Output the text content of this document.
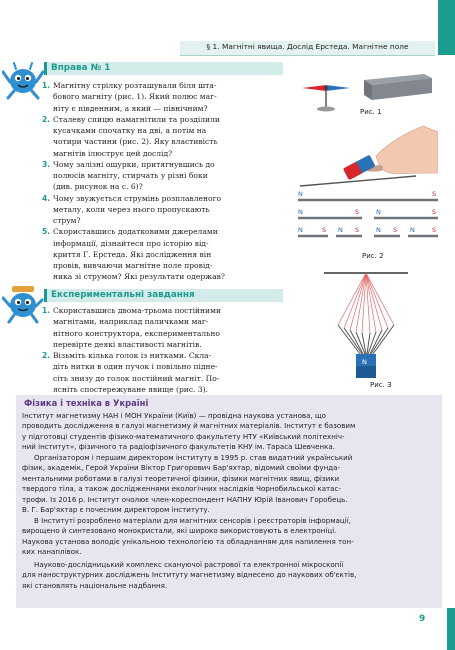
§ 1. Магнітні явища. Дослід Ерстеда. Магнітне поле
Вправа № 1
1. Магнітну стрілку розташували біля шта-
бового магніту (рис. 1). Який полюс маг-
ніту є південним, а який — північним?
2. Сталеву спицю намагнітили та розділили
кусачками спочатку на дві, а потім на
чотири частини (рис. 2). Яку властивість
магнітів ілюструє цей дослід?
3. Чому залізні ошурки, притягнувшись до
полюсів магніту, стирчать у різні боки
(див. рисунок на с. 6)?
4. Чому звужується струмінь розплавленого
металу, коли через нього пропускають
струм?
5. Скориставшись додатковими джерелами
інформації, дізнайтеся про історію від-
криття Г. Ерстеда. Які дослідження він
провів, вивчаючи магнітне поле провід-
ника зі струмом? Які результати одержав?
Експериментальні завдання
1. Скориставшись двома-трьома постійними
магнітами, наприклад паличками маг-
нітного конструктора, експериментально
перевірте деякі властивості магнітів.
2. Візьміть кілька голок із нитками. Скла-
діть нитки в один пучок і повільно підне-
сіть знизу до голок постійний магніт. По-
ясніть спостережуване явище (рис. 3).
Рис. 1
N	S
N	S	N	S
N	S N S	N S N	S
Рис. 2
N
Рис. 3
Фізика і техніка в Україні
Інститут магнетизму НАН і МОН України (Київ) — провідна наукова установа, що
проводить дослідження в галузі магнетизму й магнітних матеріалів. Інститут є базовим
у підготовці студентів фізико-математичного факультету НТУ «Київський політехніч-
ний інститут», фізичного та радіофізичного факультетів КНУ ім. Тараса Шевченка.
Організатором і першим директором інституту в 1995 р. став видатний український
фізик, академік, Герой України Віктор Григорович Бар'яхтар, відомий своїми фунда-
ментальними роботами в галузі теоретичної фізики, фізики магнітних явищ, фізики
твердого тіла, а також дослідженнями екологічних наслідків Чорнобильської катас-
трофи. Із 2016 р. Інститут очолює член-кореспондент НАПНУ Юрій Іванович Горобець.
В. Г. Бар'яхтар є почесним директором інституту.
В Інституті розроблено матеріали для магнітних сенсорів і реєстраторів інформації,
вирощено й синтезовано монокристали, які широко використовують в електроніці.
Наукова установа володіє унікальною технологією та обладнанням для напилення тон-
ких нанаплівок.
Науково-дослідницький комплекс скануючої растрової та електронної мікроскопії
для наноструктурних досліджень Інституту магнетизму віднесено до наукових об'єктів,
які становлять національне надбання.
9
